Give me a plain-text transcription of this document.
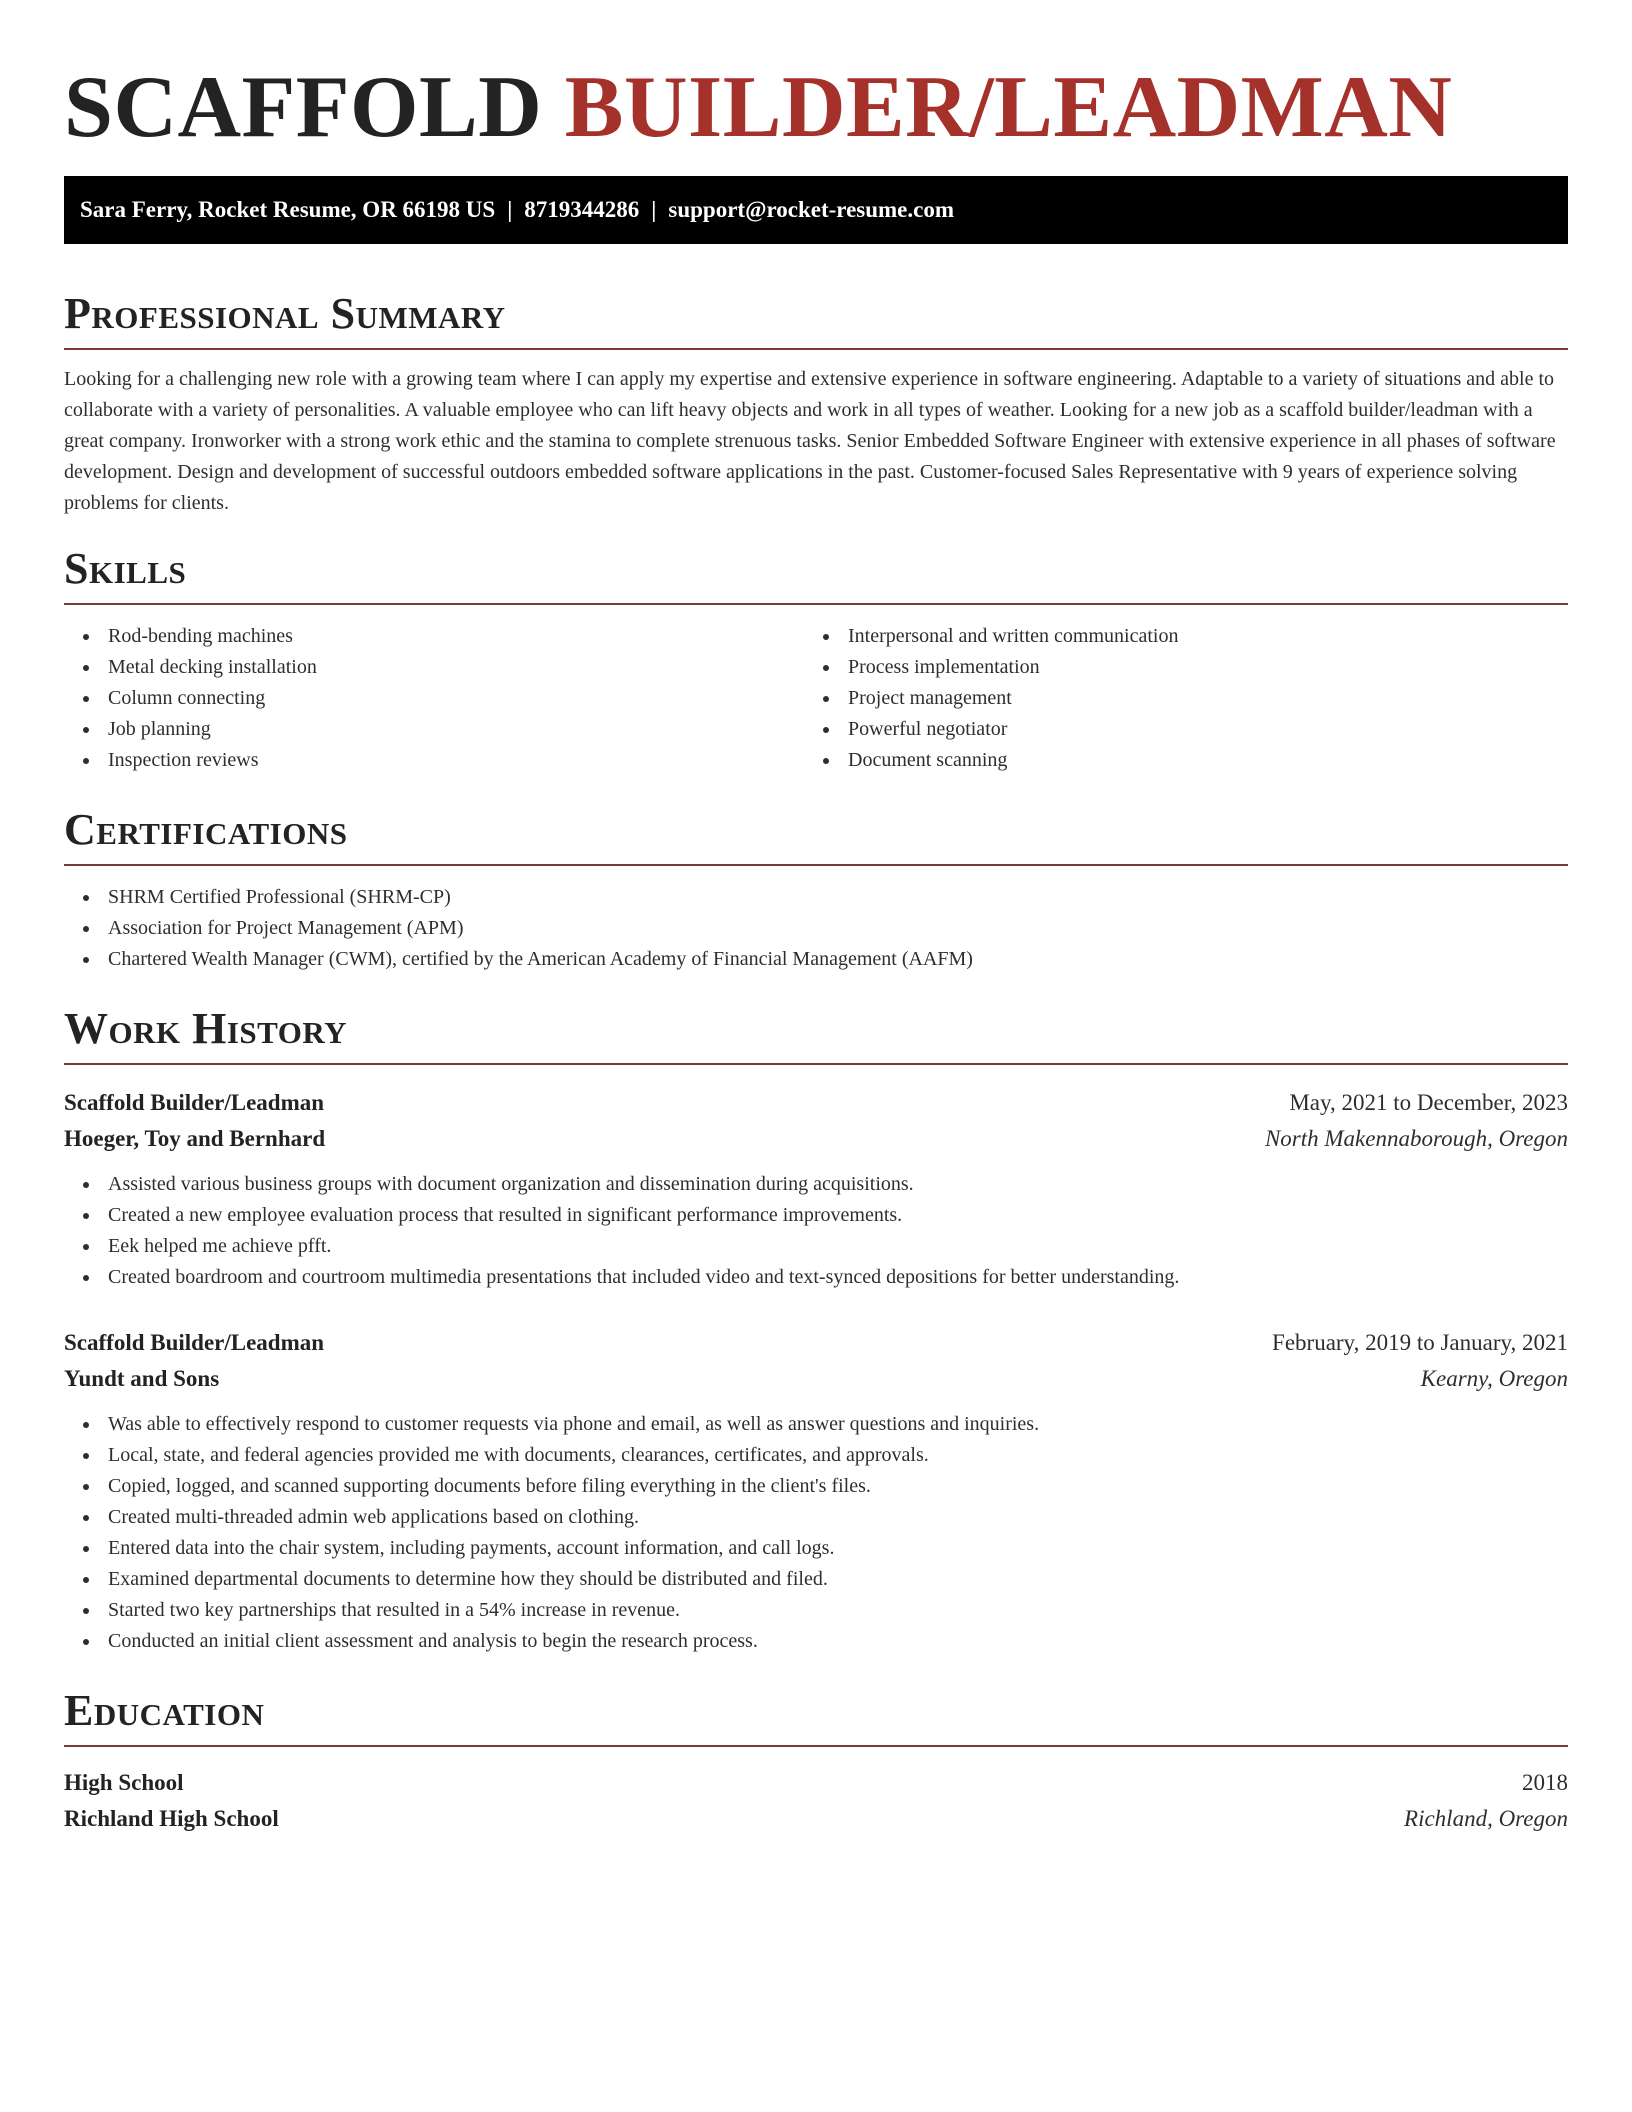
SCAFFOLD BUILDER/LEADMAN
Sara Ferry, Rocket Resume, OR 66198 US | 8719344286 | support@rocket-resume.com
Professional Summary

Looking for a challenging new role with a growing team where I can apply my expertise and extensive experience in software engineering. Adaptable to a variety of situations and able to collaborate with a variety of personalities. A valuable employee who can lift heavy objects and work in all types of weather. Looking for a new job as a scaffold builder/leadman with a great company. Ironworker with a strong work ethic and the stamina to complete strenuous tasks. Senior Embedded Software Engineer with extensive experience in all phases of software development. Design and development of successful outdoors embedded software applications in the past. Customer-focused Sales Representative with 9 years of experience solving problems for clients.

Skills
Rod-bending machines
Metal decking installation
Column connecting
Job planning
Inspection reviews
Interpersonal and written communication
Process implementation
Project management
Powerful negotiator
Document scanning
Certifications
SHRM Certified Professional (SHRM-CP)
Association for Project Management (APM)
Chartered Wealth Manager (CWM), certified by the American Academy of Financial Management (AAFM)
Work History
Scaffold Builder/Leadman	May, 2021 to December, 2023
Hoeger, Toy and Bernhard	North Makennaborough, Oregon
Assisted various business groups with document organization and dissemination during acquisitions.
Created a new employee evaluation process that resulted in significant performance improvements.
Eek helped me achieve pfft.
Created boardroom and courtroom multimedia presentations that included video and text-synced depositions for better understanding.
Scaffold Builder/Leadman	February, 2019 to January, 2021
Yundt and Sons	Kearny, Oregon
Was able to effectively respond to customer requests via phone and email, as well as answer questions and inquiries.
Local, state, and federal agencies provided me with documents, clearances, certificates, and approvals.
Copied, logged, and scanned supporting documents before filing everything in the client's files.
Created multi-threaded admin web applications based on clothing.
Entered data into the chair system, including payments, account information, and call logs.
Examined departmental documents to determine how they should be distributed and filed.
Started two key partnerships that resulted in a 54% increase in revenue.
Conducted an initial client assessment and analysis to begin the research process.
Education
High School	2018
Richland High School	Richland, Oregon
